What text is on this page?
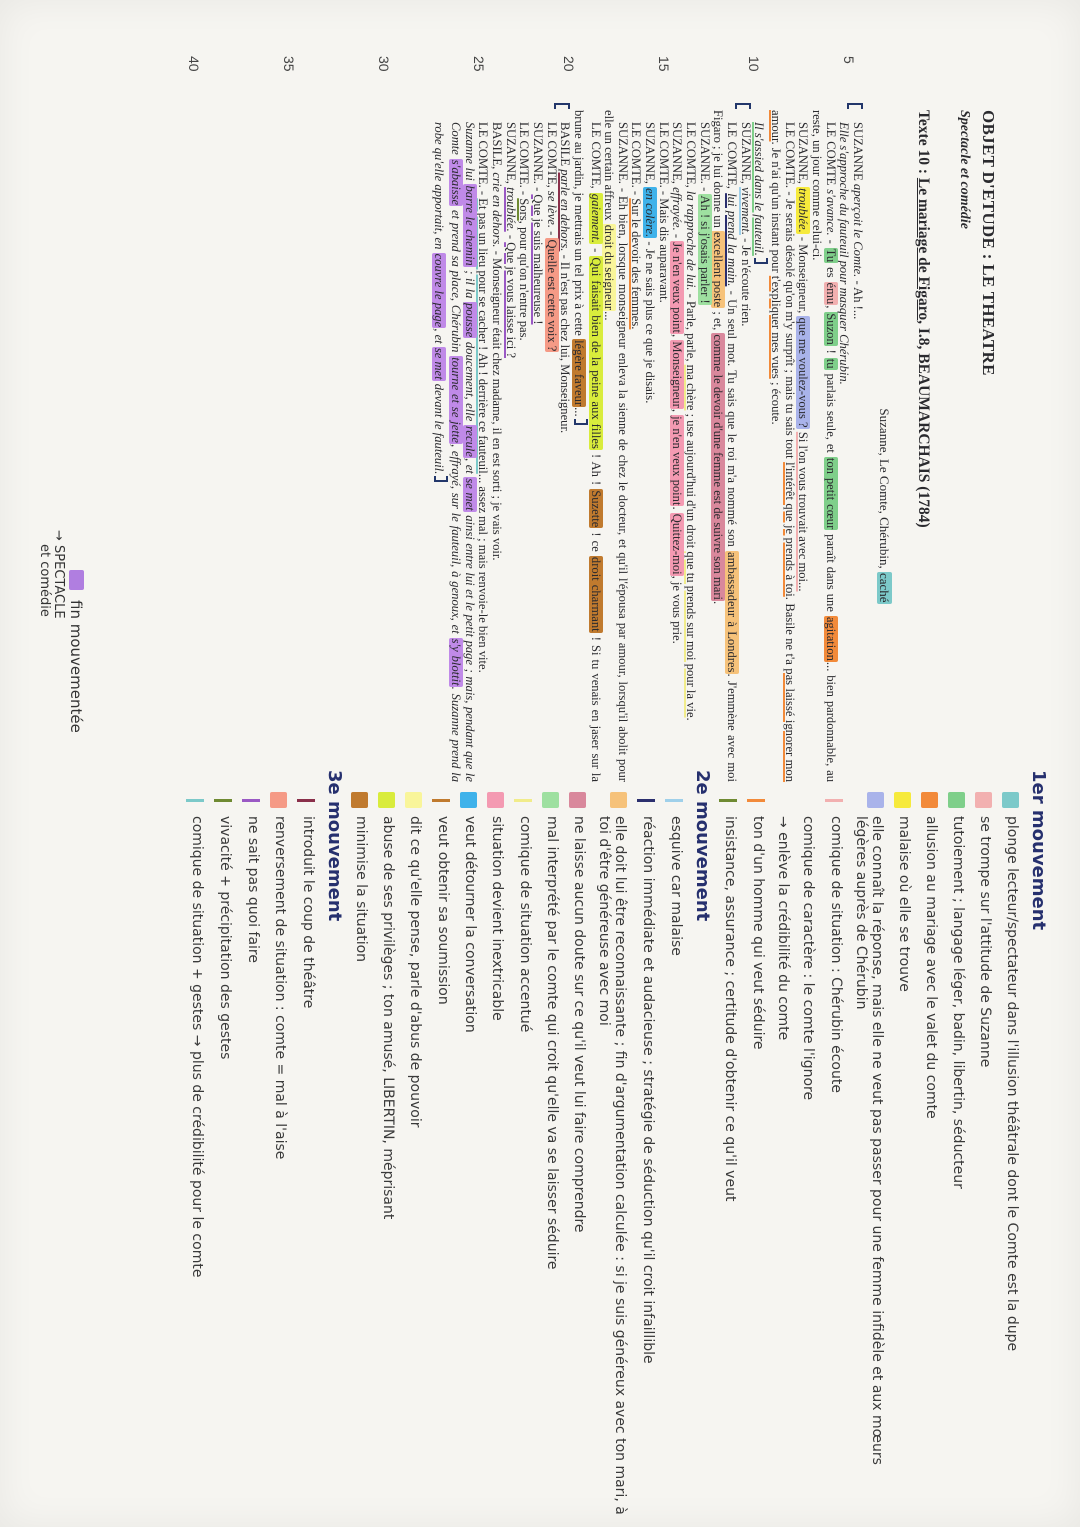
OBJET D'ETUDE : LE THEATRE
Spectacle et comédie
Texte 10 : Le mariage de Figaro, I.8, BEAUMARCHAIS (1784)
Suzanne, Le Comte, Chérubin, caché
SUZANNE aperçoit le Comte. - Ah !...
Elle s'approche du fauteuil pour masquer Chérubin.
LE COMTE s'avance. - Tu es ému, Suzon ! tu parlais seule, et ton petit cœur paraît dans une agitation... bien pardonnable, au reste, un jour comme celui-ci.
SUZANNE, troublée. - Monseigneur, que me voulez-vous ? Si l'on vous trouvait avec moi...
LE COMTE. - Je serais désolé qu'on m'y surprît ; mais tu sais tout l'intérêt que je prends à toi. Basile ne t'a pas laissé ignorer mon amour. Je n'ai qu'un instant pour t'expliquer mes vues ; écoute.
Il s'assied dans le fauteuil.
SUZANNE, vivement. - Je n'écoute rien.
LE COMTE, lui prend la main. - Un seul mot. Tu sais que le roi m'a nommé son ambassadeur à Londres. J'emmène avec moi Figaro ; je lui donne un excellent poste ; et, comme le devoir d'une femme est de suivre son mari.
SUZANNE. - Ah ! si j'osais parler !
LE COMTE, la rapproche de lui. - Parle, parle, ma chère ; use aujourd'hui d'un droit que tu prends sur moi pour la vie.
SUZANNE, effrayée. - Je n'en veux point, Monseigneur, je n'en veux point. Quittez-moi, je vous prie.
LE COMTE. - Mais dis auparavant.
SUZANNE, en colère. - Je ne sais plus ce que je disais.
LE COMTE. - Sur le devoir des femmes.
SUZANNE. - Eh bien, lorsque monseigneur enleva la sienne de chez le docteur, et qu'il l'épousa par amour, lorsqu'il abolit pour elle un certain affreux droit du seigneur...
LE COMTE, gaiement. - Qui faisait bien de la peine aux filles ! Ah ! Suzette ! ce droit charmant ! Si tu venais en jaser sur la brune au jardin, je mettrais un tel prix à cette légère faveur...
BASILE parle en dehors. - Il n'est pas chez lui, Monseigneur.
LE COMTE, se lève. - Quelle est cette voix ?
SUZANNE. - Que je suis malheureuse !
LE COMTE. - Sors, pour qu'on n'entre pas.
SUZANNE, troublée. - Que je vous laisse ici ?
BASILE, crie en dehors. - Monseigneur était chez madame, il en est sorti ; je vais voir.
LE COMTE. - Et pas un lieu pour se cacher ! Ah ! derrière ce fauteuil... assez mal ; mais renvoie-le bien vite.
Suzanne lui barre le chemin ; il la pousse doucement, elle recule, et se met ainsi entre lui et le petit page ; mais, pendant que le Comte s'abaisse et prend sa place, Chérubin tourne et se jette, effrayé, sur le fauteuil, à genoux, et s'y blottit. Suzanne prend la robe qu'elle apportait, en couvre le page, et se met devant le fauteuil.
5
10
15
20
25
30
35
40
fin mouvementée
→ SPECTACLE
et comédie
1er mouvement
plonge lecteur/spectateur dans l'illusion théâtrale dont le Comte est la dupe
se trompe sur l'attitude de Suzanne
tutoiement ; langage léger, badin, libertin, séducteur
allusion au mariage avec le valet du comte
malaise où elle se trouve
elle connaît la réponse, mais elle ne veut pas passer pour une femme infidèle et aux mœurs légères auprès de Chérubin
comique de situation : Chérubin écoute
comique de caractère : le comte l'ignore
→ enlève la crédibilité du comte
ton d'un homme qui veut séduire
insistance, assurance ; certitude d'obtenir ce qu'il veut
2e mouvement
esquive car malaise
réaction immédiate et audacieuse ; stratégie de séduction qu'il croit infaillible
elle doit lui être reconnaissante ; fin d'argumentation calculée : si je suis généreux avec ton mari, à toi d'être généreuse avec moi
ne laisse aucun doute sur ce qu'il veut lui faire comprendre
mal interprété par le comte qui croit qu'elle va se laisser séduire
comique de situation accentué
situation devient inextricable
veut détourner la conversation
veut obtenir sa soumission
dit ce qu'elle pense, parle d'abus de pouvoir
abuse de ses privilèges ; ton amusé, LIBERTIN, méprisant
minimise la situation
3e mouvement
introduit le coup de théâtre
renversement de situation : comte = mal à l'aise
ne sait pas quoi faire
vivacité + précipitation des gestes
comique de situation + gestes → plus de crédibilité pour le comte
